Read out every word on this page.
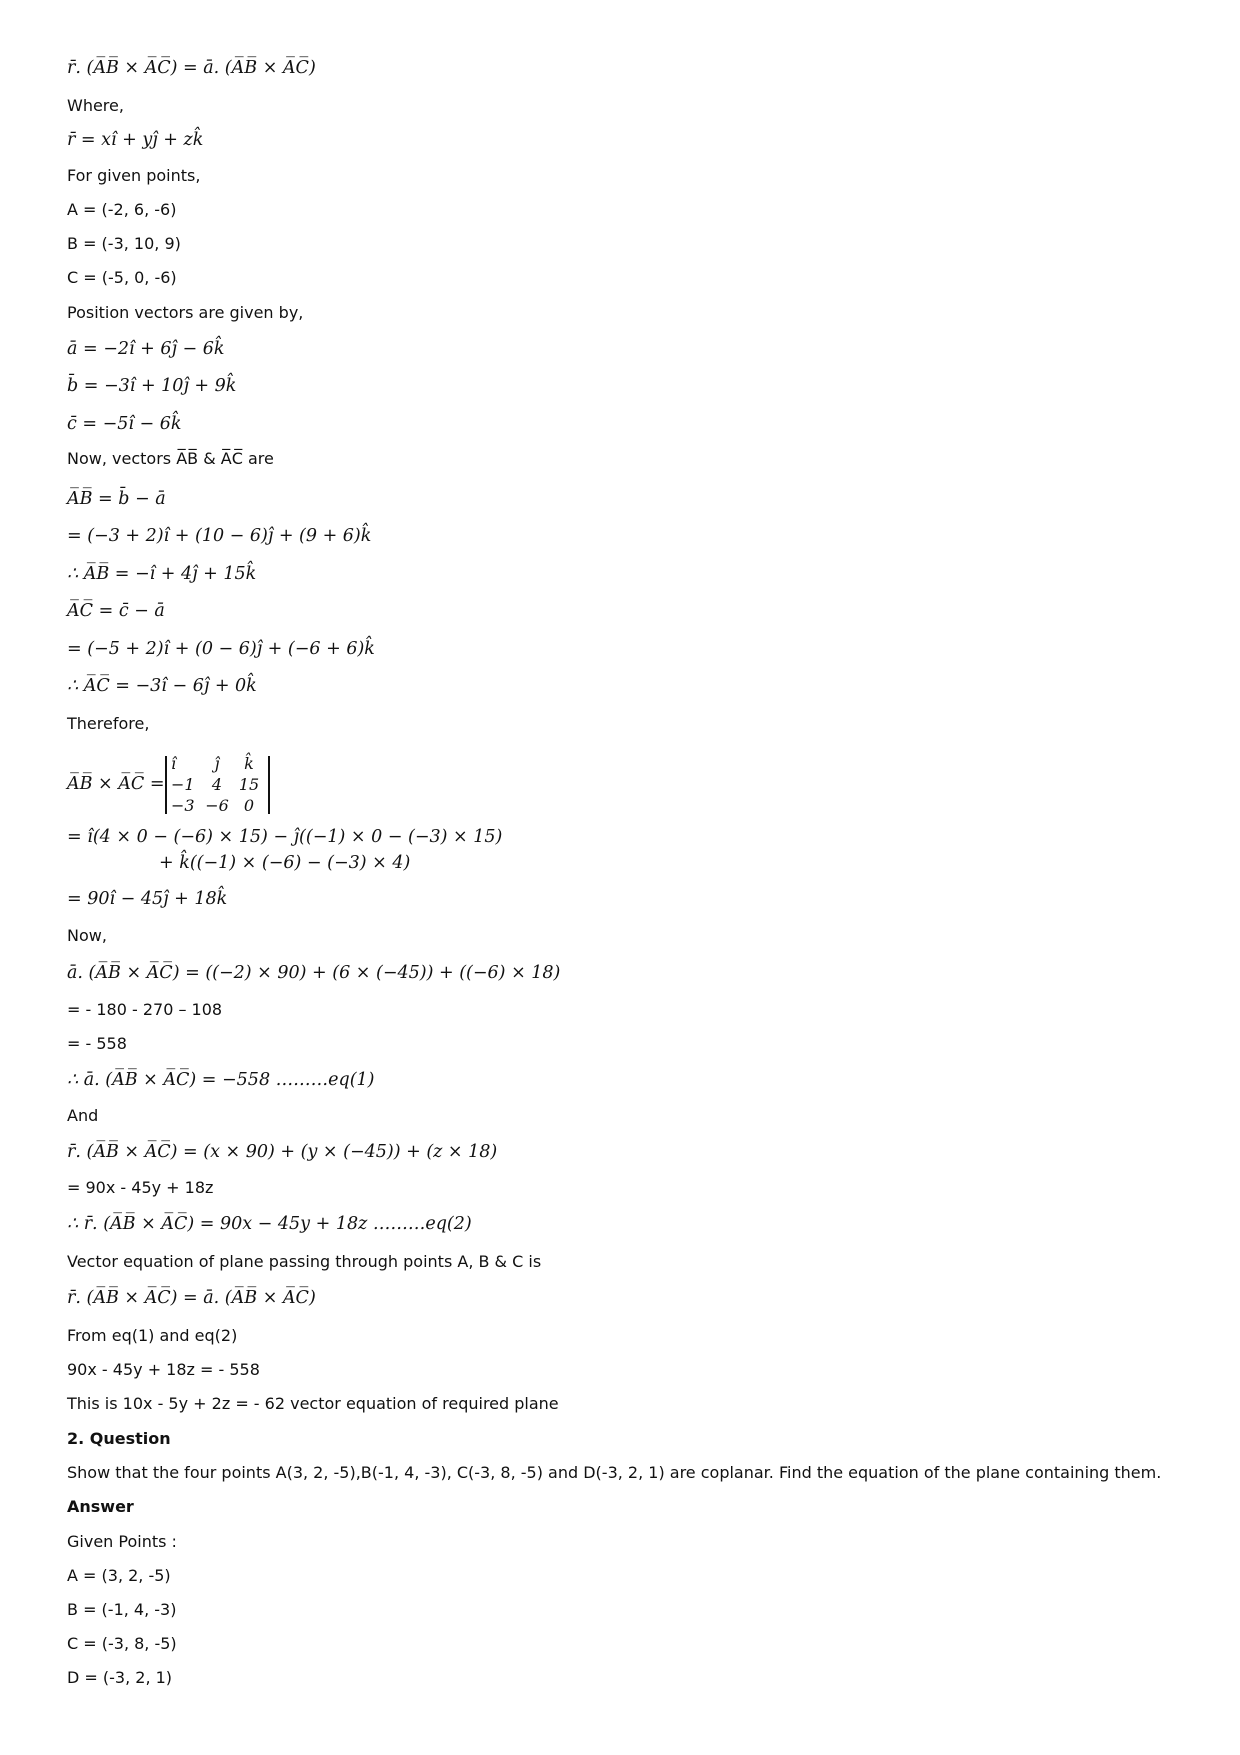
r̄. (A̅B̅ × A̅C̅) = ā. (A̅B̅ × A̅C̅)
Where,
r̄ = xî + yĵ + zk̂
For given points,
A = (-2, 6, -6)
B = (-3, 10, 9)
C = (-5, 0, -6)
Position vectors are given by,
ā = −2î + 6ĵ − 6k̂
b̄ = −3î + 10ĵ + 9k̂
c̄ = −5î − 6k̂
Now, vectors A̅B̅ & A̅C̅ are
A̅B̅ = b̄ − ā
= (−3 + 2)î + (10 − 6)ĵ + (9 + 6)k̂
∴ A̅B̅ = −î + 4ĵ + 15k̂
A̅C̅ = c̄ − ā
= (−5 + 2)î + (0 − 6)ĵ + (−6 + 6)k̂
∴ A̅C̅ = −3î − 6ĵ + 0k̂
Therefore,
= î(4 × 0 − (−6) × 15) − ĵ((−1) × 0 − (−3) × 15)
+ k̂((−1) × (−6) − (−3) × 4)
= 90î − 45ĵ + 18k̂
Now,
ā. (A̅B̅ × A̅C̅) = ((−2) × 90) + (6 × (−45)) + ((−6) × 18)
= - 180 - 270 – 108
= - 558
∴ ā. (A̅B̅ × A̅C̅) = −558 ………eq(1)
And
r̄. (A̅B̅ × A̅C̅) = (x × 90) + (y × (−45)) + (z × 18)
= 90x - 45y + 18z
∴ r̄. (A̅B̅ × A̅C̅) = 90x − 45y + 18z ………eq(2)
Vector equation of plane passing through points A, B & C is
r̄. (A̅B̅ × A̅C̅) = ā. (A̅B̅ × A̅C̅)
From eq(1) and eq(2)
90x - 45y + 18z = - 558
This is 10x - 5y + 2z = - 62 vector equation of required plane
2. Question
Show that the four points A(3, 2, -5),B(-1, 4, -3), C(-3, 8, -5) and D(-3, 2, 1) are coplanar. Find the equation of the plane containing them.
Answer
Given Points :
A = (3, 2, -5)
B = (-1, 4, -3)
C = (-3, 8, -5)
D = (-3, 2, 1)
A̅B̅ × A̅C̅ =
î	ĵ	k̂
−1	4	15
−3 −6 0
